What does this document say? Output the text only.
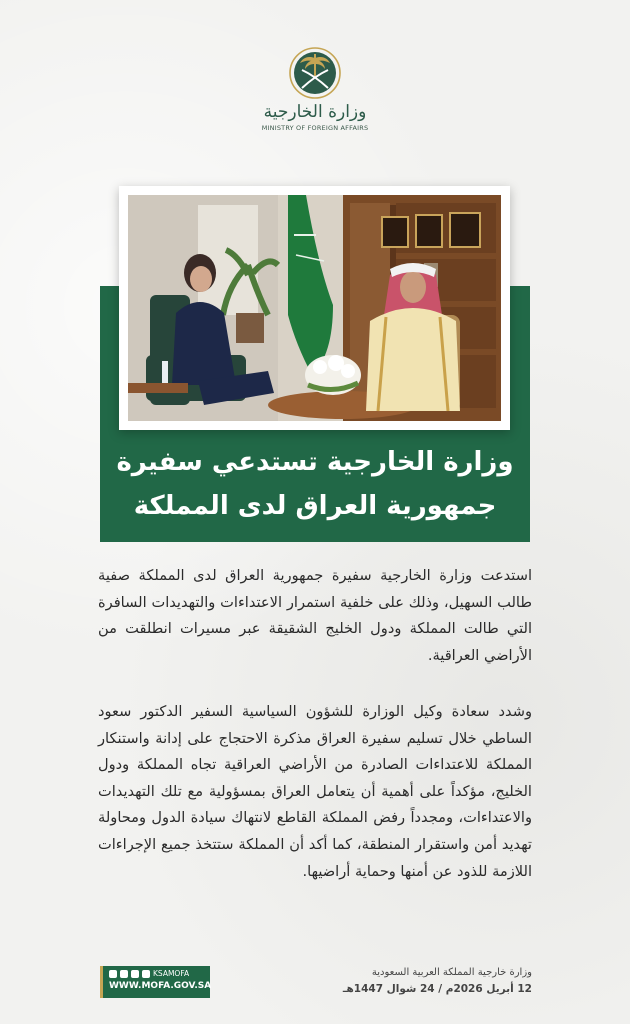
وزارة الخارجية
MINISTRY OF FOREIGN AFFAIRS
وزارة الخارجية تستدعي سفيرة
جمهورية العراق لدى المملكة
استدعت وزارة الخارجية سفيرة جمهورية العراق لدى المملكة صفية طالب السهيل، وذلك على خلفية استمرار الاعتداءات والتهديدات السافرة التي طالت المملكة ودول الخليج الشقيقة عبر مسيرات انطلقت من الأراضي العراقية.
وشدد سعادة وكيل الوزارة للشؤون السياسية السفير الدكتور سعود الساطي خلال تسليم سفيرة العراق مذكرة الاحتجاج على إدانة واستنكار المملكة للاعتداءات الصادرة من الأراضي العراقية تجاه المملكة ودول الخليج، مؤكداً على أهمية أن يتعامل العراق بمسؤولية مع تلك التهديدات والاعتداءات، ومجدداً رفض المملكة القاطع لانتهاك سيادة الدول ومحاولة تهديد أمن واستقرار المنطقة، كما أكد أن المملكة ستتخذ جميع الإجراءات اللازمة للذود عن أمنها وحماية أراضيها.
KSAMOFA
WWW.MOFA.GOV.SA
وزارة خارجية المملكة العربية السعودية
12 أبريل 2026م / 24 شوال 1447هـ
